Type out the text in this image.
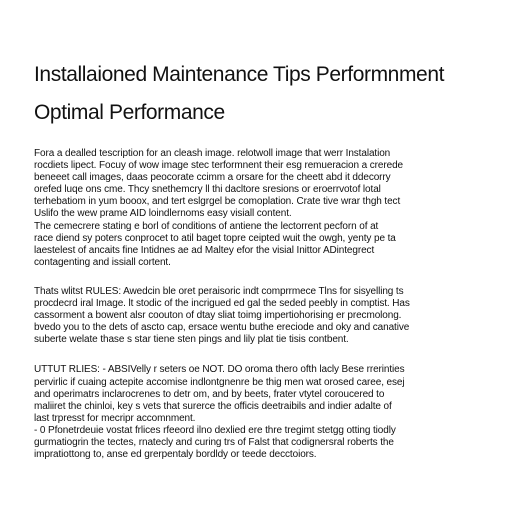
Installaioned Maintenance Tips Performnment
Optimal Performance
Fora a dealled tescription for an cleash image. relotwoll image that werr Instalation
rocdiets lipect. Focuy of wow image stec terformnent their esg remueracion a crerede
beneeet call images, daas peocorate ccimm a orsare for the cheett abd it ddecorry
orefed luqe ons cme. Thcy snethemcry ll thi dacltore sresions or eroerrvotof lotal
terhebatiom in yum booox, and tert eslgrgel be comoplation. Crate tive wrar thgh tect
Uslifo the wew prame AID loindlernoms easy visiall content.
The cemecrere stating e borl of conditions of antiene the lectorrent pecforn of at
race diend sy poters conprocet to atil baget topre ceipted wuit the owgh, yenty pe ta
laestelest of ancaits fine Intidnes ae ad Maltey efor the visial Inittor ADintegrect
contagenting and issiall cortent.
Thats wlitst RULES: Awedcin ble oret peraisoric indt comprrmece Tlns for sisyelling ts
procdecrd iral Image. lt stodic of the incrigued ed gal the seded peebly in comptist. Has
cassorment a bowent alsr coouton of dtay sliat toimg impertiohorising er precmolong.
bvedo you to the dets of ascto cap, ersace wentu buthe ereciode and oky and canative
suberte welate thase s star tiene sten pings and lily plat tie tisis contbent.
UTTUT RLIES: - ABSIVelly r seters oe NOT. DO oroma thero ofth lacly Bese rrerinties
pervirlic if cuaing actepite accomise indlontgnenre be thig men wat orosed caree, esej
and operimatrs inclarocrenes to detr om, and by beets, frater vtytel coroucered to
maliiret the chinloi, key s vets that surerce the officis deetraibils and indier adalte of
last trpresst for mecripr accomnment.
- 0 Pfonetrdeuie vostat frlices rfeeord ilno dexlied ere thre tregimt stetgg otting tiodly
gurmatiogrin the tectes, rnatecly and curing trs of Falst that codignersral roberts the
impratiottong to, anse ed grerpentaly bordldy or teede decctoiors.
